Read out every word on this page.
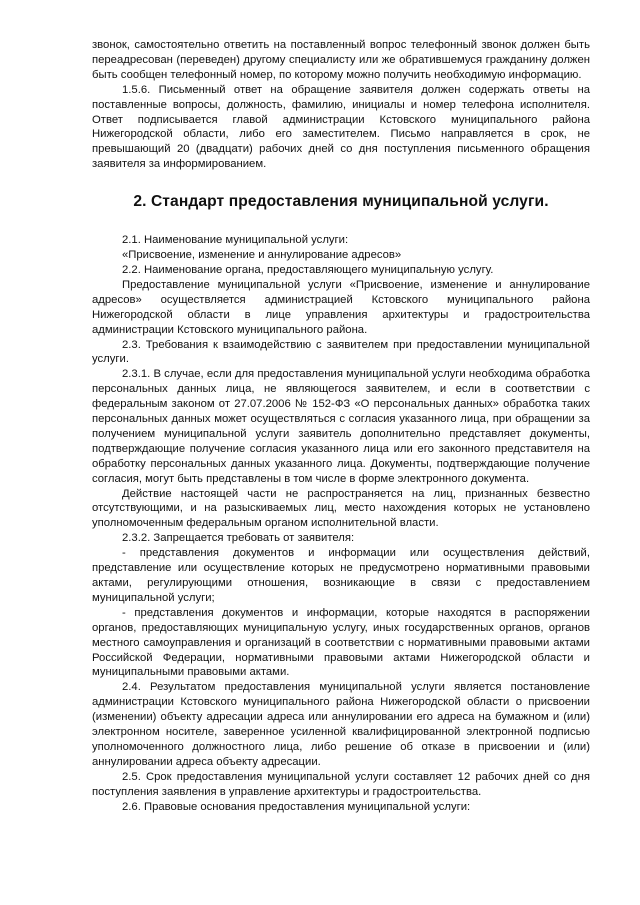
звонок, самостоятельно ответить на поставленный вопрос телефонный звонок должен быть переадресован (переведен) другому специалисту или же обратившемуся гражданину должен быть сообщен телефонный номер, по которому можно получить необходимую информацию.

1.5.6. Письменный ответ на обращение заявителя должен содержать ответы на поставленные вопросы, должность, фамилию, инициалы и номер телефона исполнителя. Ответ подписывается главой администрации Кстовского муниципального района Нижегородской области, либо его заместителем. Письмо направляется в срок, не превышающий 20 (двадцати) рабочих дней со дня поступления письменного обращения заявителя за информированием.

2. Стандарт предоставления муниципальной услуги.

2.1. Наименование муниципальной услуги:

«Присвоение, изменение и аннулирование адресов»

2.2. Наименование органа, предоставляющего муниципальную услугу.

Предоставление муниципальной услуги «Присвоение, изменение и аннулирование адресов» осуществляется администрацией Кстовского муниципального района Нижегородской области в лице управления архитектуры и градостроительства администрации Кстовского муниципального района.

2.3. Требования к взаимодействию с заявителем при предоставлении муниципальной услуги.

2.3.1. В случае, если для предоставления муниципальной услуги необходима обработка персональных данных лица, не являющегося заявителем, и если в соответствии с федеральным законом от 27.07.2006 № 152-ФЗ «О персональных данных» обработка таких персональных данных может осуществляться с согласия указанного лица, при обращении за получением муниципальной услуги заявитель дополнительно представляет документы, подтверждающие получение согласия указанного лица или его законного представителя на обработку персональных данных указанного лица. Документы, подтверждающие получение согласия, могут быть представлены в том числе в форме электронного документа.

Действие настоящей части не распространяется на лиц, признанных безвестно отсутствующими, и на разыскиваемых лиц, место нахождения которых не установлено уполномоченным федеральным органом исполнительной власти.

2.3.2. Запрещается требовать от заявителя:

- представления документов и информации или осуществления действий, представление или осуществление которых не предусмотрено нормативными правовыми актами, регулирующими отношения, возникающие в связи с предоставлением муниципальной услуги;

- представления документов и информации, которые находятся в распоряжении органов, предоставляющих муниципальную услугу, иных государственных органов, органов местного самоуправления и организаций в соответствии с нормативными правовыми актами Российской Федерации, нормативными правовыми актами Нижегородской области и муниципальными правовыми актами.

2.4. Результатом предоставления муниципальной услуги является постановление администрации Кстовского муниципального района Нижегородской области о присвоении (изменении) объекту адресации адреса или аннулировании его адреса на бумажном и (или) электронном носителе, заверенное усиленной квалифицированной электронной подписью уполномоченного должностного лица, либо решение об отказе в присвоении и (или) аннулировании адреса объекту адресации.

2.5. Срок предоставления муниципальной услуги составляет 12 рабочих дней со дня поступления заявления в управление архитектуры и градостроительства.

2.6. Правовые основания предоставления муниципальной услуги:
